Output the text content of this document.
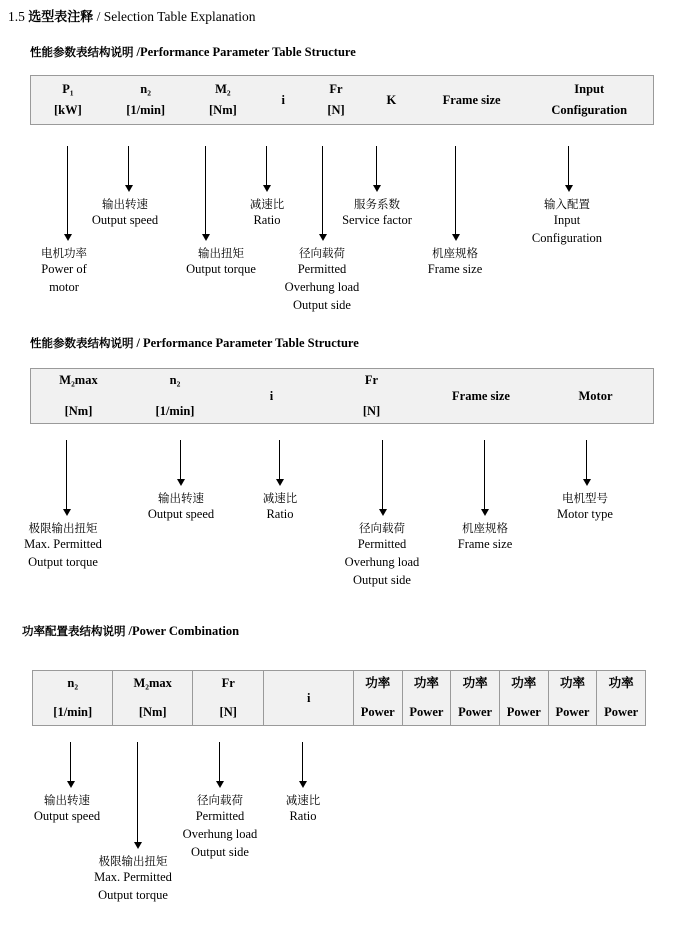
1.5 选型表注释 / Selection Table Explanation
性能参数表结构说明 /Performance Parameter Table Structure
P₁
[kW]
n₂
[1/min]
M₂
[Nm]
i
Fr
[N]
K	Frame size
Input
Configuration
电机功率
Power of
motor
输出转速
Output speed
输出扭矩
Output torque
减速比
Ratio
径向载荷
Permitted
Overhung load
Output side
服务系数
Service factor
机座规格
Frame size
输入配置
Input
Configuration
性能参数表结构说明 / Performance Parameter Table Structure
M₂max
[Nm]
n₂
[1/min]
i
Fr
[N]
Frame size	Motor
极限输出扭矩
Max. Permitted
Output torque
输出转速
Output speed
减速比
Ratio
径向载荷
Permitted
Overhung load
Output side
机座规格
Frame size
电机型号
Motor type
功率配置表结构说明 /Power Combination
n₂
[1/min]
M₂max
[Nm]
Fr
[N]
i
功率
Power
功率
Power
功率
Power
功率
Power
功率
Power
功率
Power
输出转速
Output speed
极限输出扭矩
Max. Permitted
Output torque
径向载荷
Permitted
Overhung load
Output side
减速比
Ratio
